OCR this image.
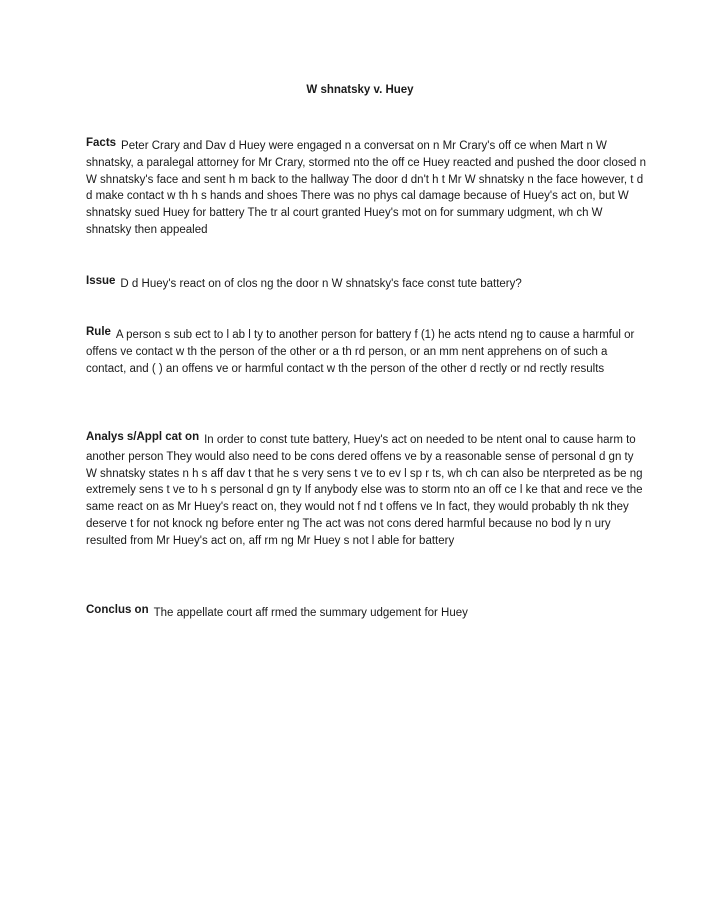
W shnatsky v. Huey
Facts Peter Crary and Dav d Huey were engaged n a conversat on n Mr Crary's off ce when Mart n W shnatsky, a paralegal attorney for Mr Crary, stormed nto the off ce Huey reacted and pushed the door closed n W shnatsky's face and sent h m back to the hallway The door d dn't h t Mr W shnatsky n the face however, t d d make contact w th h s hands and shoes There was no phys cal damage because of Huey's act on, but W shnatsky sued Huey for battery The tr al court granted Huey's mot on for summary udgment, wh ch W shnatsky then appealed
Issue D d Huey's react on of clos ng the door n W shnatsky's face const tute battery?
Rule A person s sub ect to l ab l ty to another person for battery f (1) he acts ntend ng to cause a harmful or offens ve contact w th the person of the other or a th rd person, or an mm nent apprehens on of such a contact, and ( ) an offens ve or harmful contact w th the person of the other d rectly or nd rectly results
Analys s/Appl cat on In order to const tute battery, Huey's act on needed to be ntent onal to cause harm to another person They would also need to be cons dered offens ve by a reasonable sense of personal d gn ty W shnatsky states n h s aff dav t that he s very sens t ve to ev l sp r ts, wh ch can also be nterpreted as be ng extremely sens t ve to h s personal d gn ty If anybody else was to storm nto an off ce l ke that and rece ve the same react on as Mr Huey's react on, they would not f nd t offens ve In fact, they would probably th nk they deserve t for not knock ng before enter ng The act was not cons dered harmful because no bod ly n ury resulted from Mr Huey's act on, aff rm ng Mr Huey s not l able for battery
Conclus on The appellate court aff rmed the summary udgement for Huey
